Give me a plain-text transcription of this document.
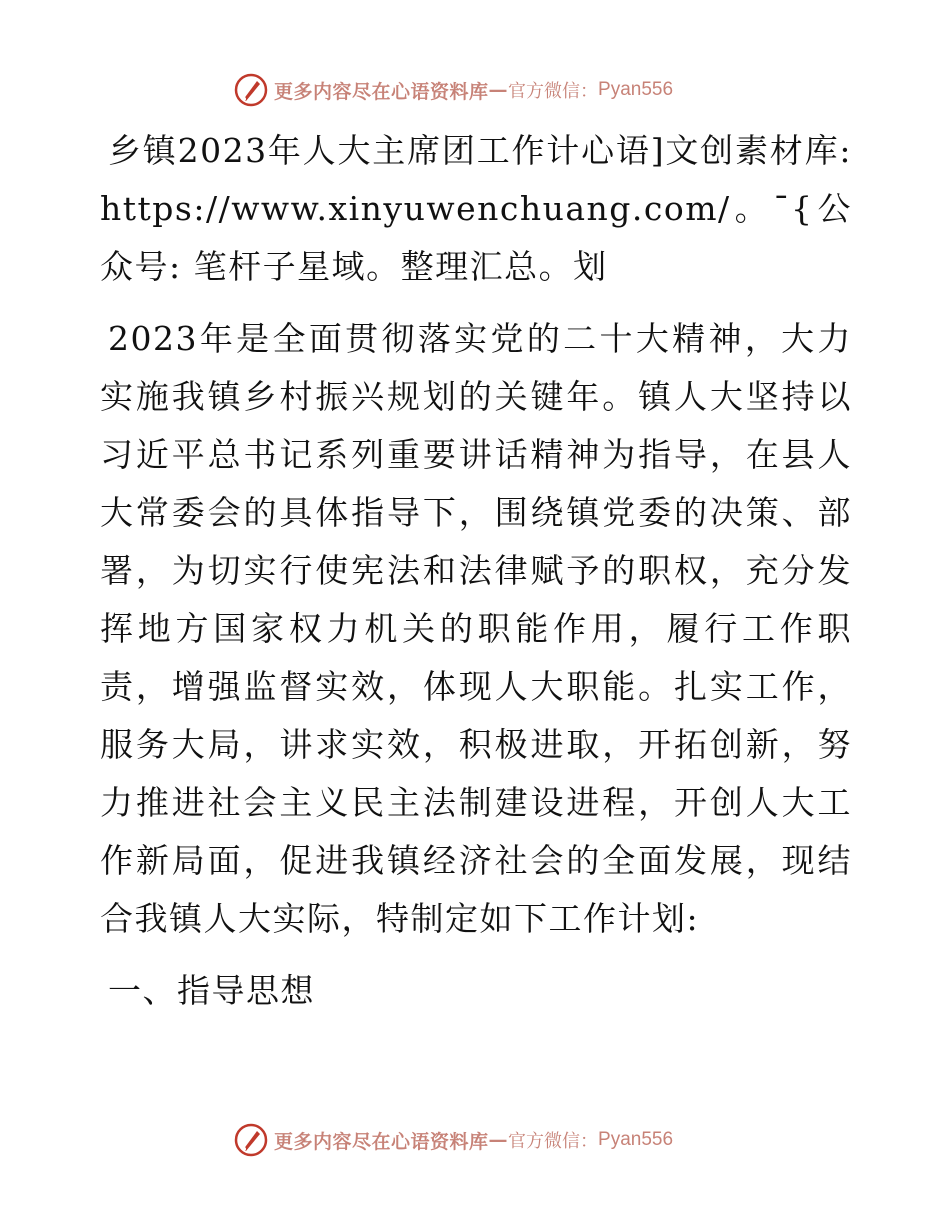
更多内容尽在心语资料库 — 官方微信： Pyan556

乡镇2023年人大主席团工作计心语]文创素材库: https://www.xinyuwenchuang.com/。¯{公众号: 笔杆子星域。整理汇总。划

2023年是全面贯彻落实党的二十大精神，大力实施我镇乡村振兴规划的关键年。镇人大坚持以习近平总书记系列重要讲话精神为指导，在县人大常委会的具体指导下，围绕镇党委的决策、部署，为切实行使宪法和法律赋予的职权，充分发挥地方国家权力机关的职能作用，履行工作职责，增强监督实效，体现人大职能。扎实工作，服务大局，讲求实效，积极进取，开拓创新，努力推进社会主义民主法制建设进程，开创人大工作新局面，促进我镇经济社会的全面发展，现结合我镇人大实际，特制定如下工作计划:

一、指导思想

更多内容尽在心语资料库 — 官方微信： Pyan556
